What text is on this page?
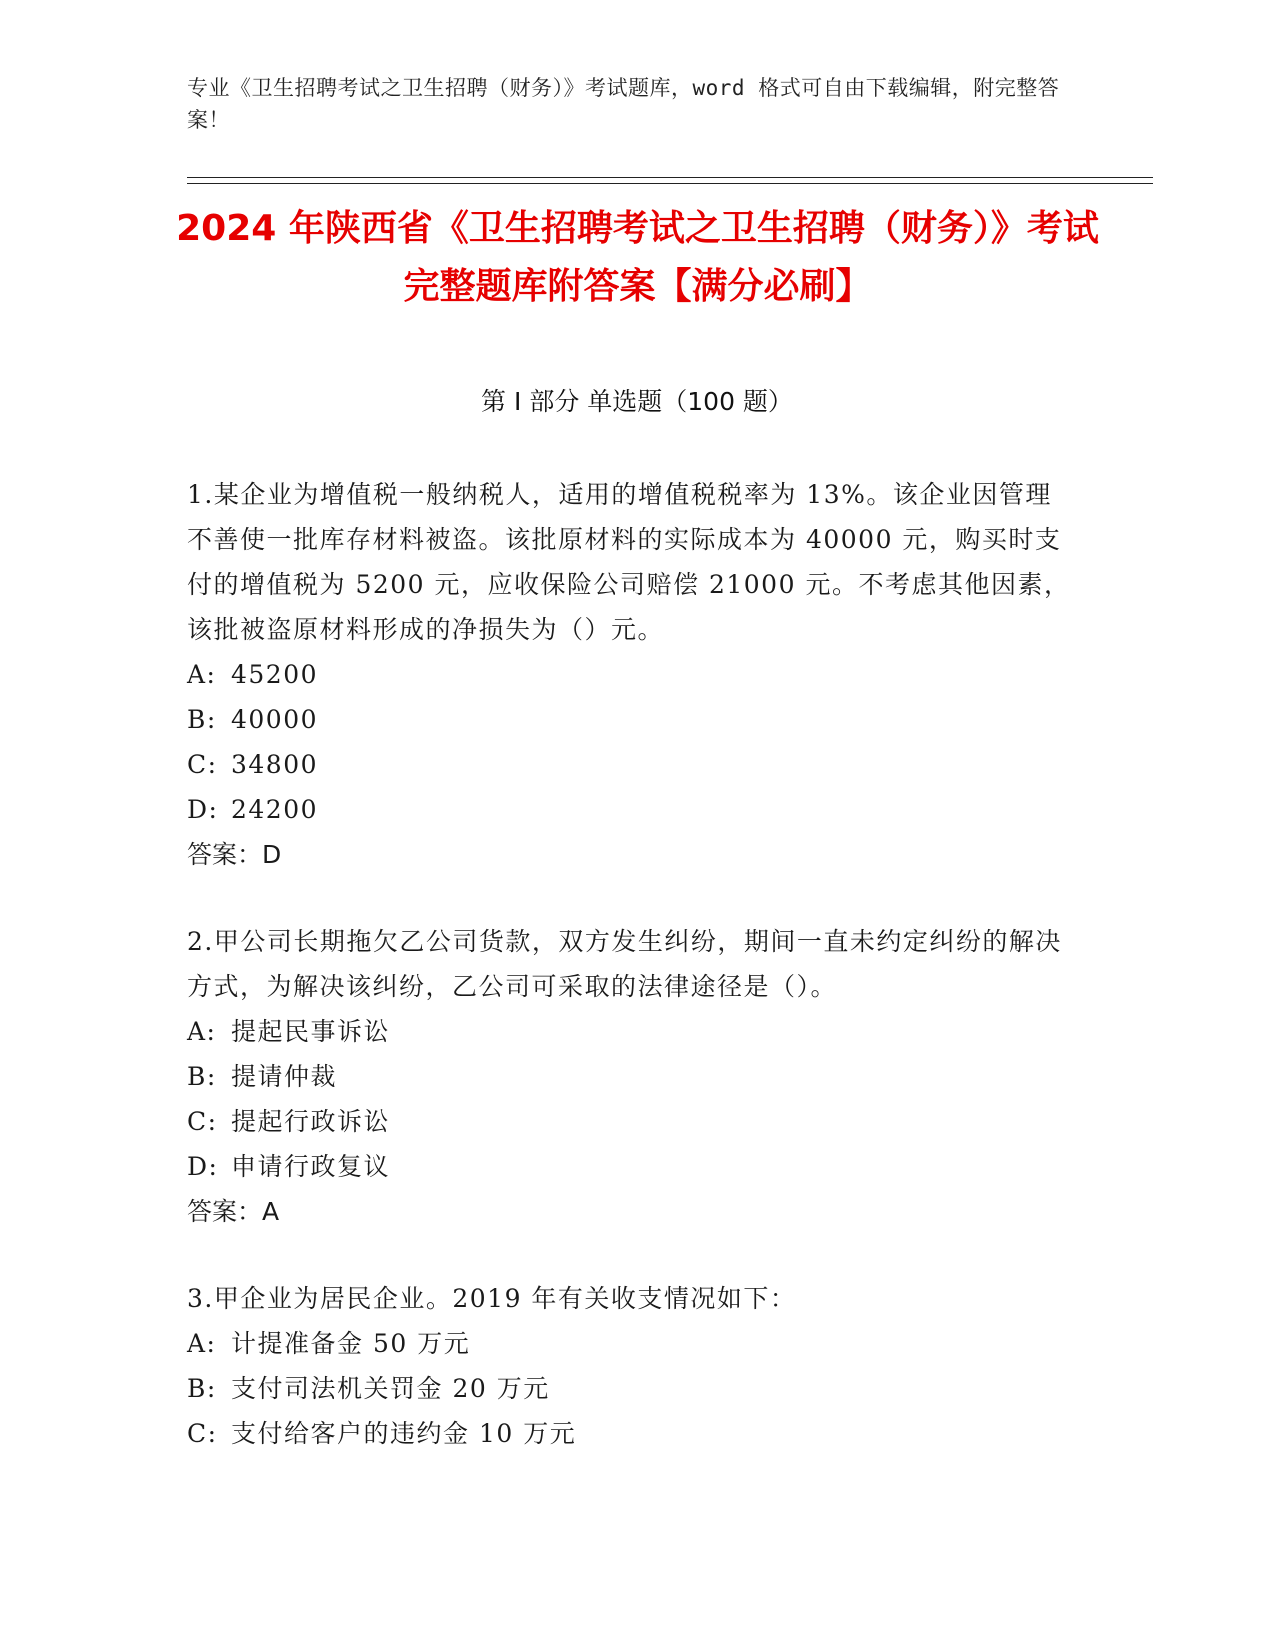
专业《卫生招聘考试之卫生招聘（财务）》考试题库，word 格式可自由下载编辑，附完整答案！
2024 年陕西省《卫生招聘考试之卫生招聘（财务）》考试完整题库附答案【满分必刷】
第 I 部分 单选题（100 题）
1.某企业为增值税一般纳税人，适用的增值税税率为 13%。该企业因管理不善使一批库存材料被盗。该批原材料的实际成本为 40000 元，购买时支付的增值税为 5200 元，应收保险公司赔偿 21000 元。不考虑其他因素，该批被盗原材料形成的净损失为（）元。
A: 45200
B: 40000
C: 34800
D: 24200
答案：D
2.甲公司长期拖欠乙公司货款，双方发生纠纷，期间一直未约定纠纷的解决方式，为解决该纠纷，乙公司可采取的法律途径是（）。
A: 提起民事诉讼
B: 提请仲裁
C: 提起行政诉讼
D: 申请行政复议
答案：A
3.甲企业为居民企业。2019 年有关收支情况如下：
A: 计提准备金 50 万元
B: 支付司法机关罚金 20 万元
C: 支付给客户的违约金 10 万元
